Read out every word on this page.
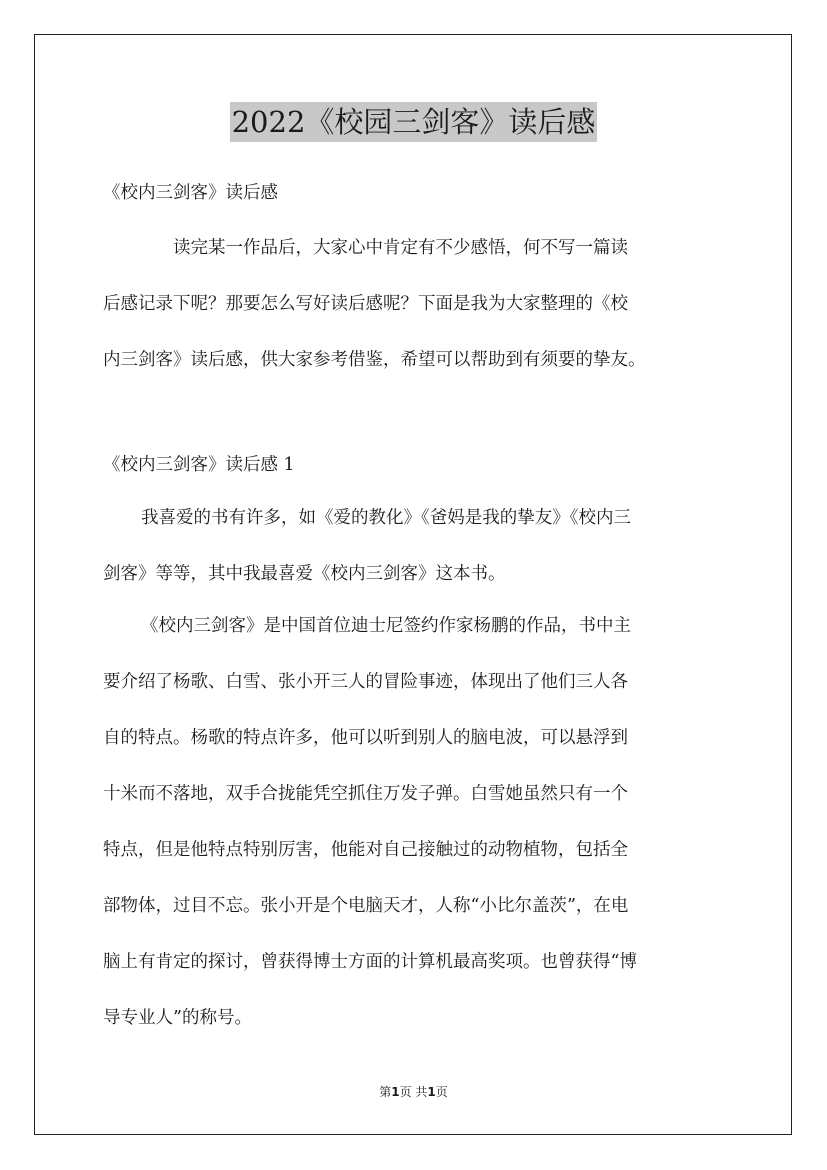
2022《校园三剑客》读后感
《校内三剑客》读后感
读完某一作品后，大家心中肯定有不少感悟，何不写一篇读
后感记录下呢？那要怎么写好读后感呢？下面是我为大家整理的《校
内三剑客》读后感，供大家参考借鉴，希望可以帮助到有须要的挚友。
《校内三剑客》读后感 1
我喜爱的书有许多，如《爱的教化》《爸妈是我的挚友》《校内三
剑客》等等，其中我最喜爱《校内三剑客》这本书。
《校内三剑客》是中国首位迪士尼签约作家杨鹏的作品，书中主
要介绍了杨歌、白雪、张小开三人的冒险事迹，体现出了他们三人各
自的特点。杨歌的特点许多，他可以听到别人的脑电波，可以悬浮到
十米而不落地，双手合拢能凭空抓住万发子弹。白雪她虽然只有一个
特点，但是他特点特别厉害，他能对自己接触过的动物植物，包括全
部物体，过目不忘。张小开是个电脑天才，人称“小比尔盖茨”，在电
脑上有肯定的探讨，曾获得博士方面的计算机最高奖项。也曾获得“博
导专业人”的称号。
第1页 共1页
